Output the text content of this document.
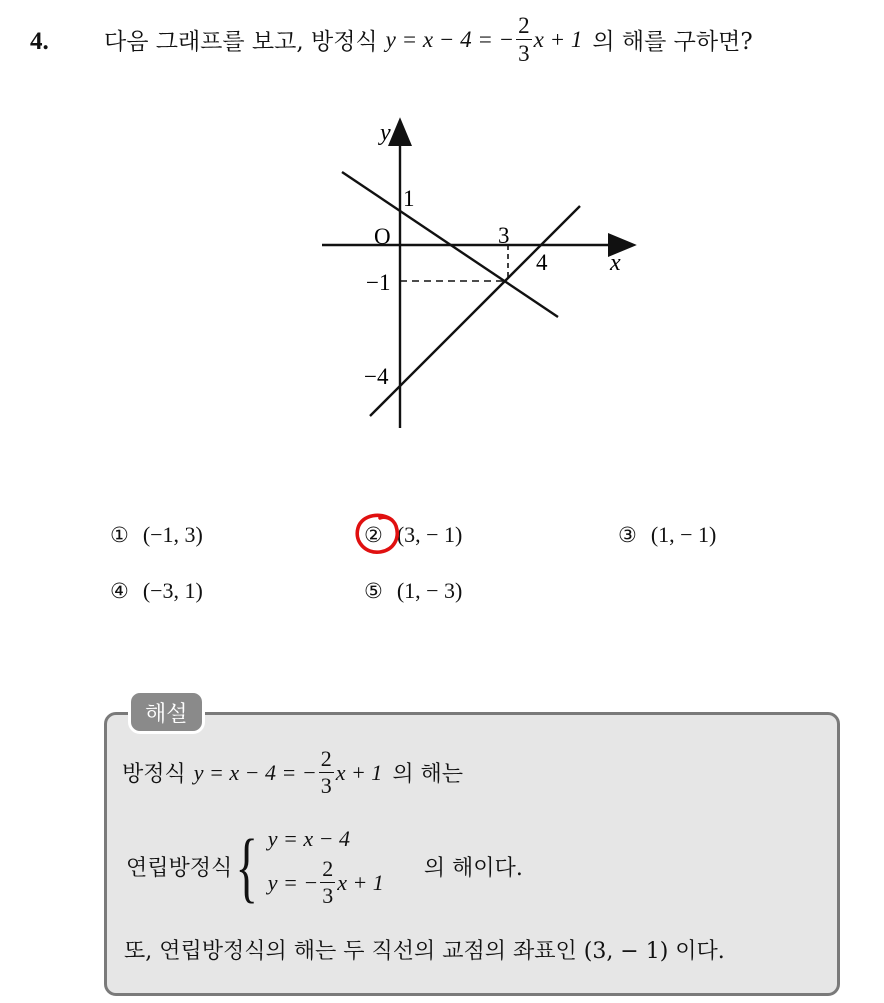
4. 다음 그래프를 보고, 방정식 y = x − 4 = − $\frac{2}{3}$ x + 1 의 해를 구하면?
y
x
O
1
3
4
−1
−4
① (−1, 3)	② (3, − 1)	③ (1, − 1)
④ (−3, 1)	⑤ (1, − 3)
해설
방정식 y = x − 4 = − $\frac{2}{3}$ x + 1 의 해는
연립방정식 { y = x − 4
y = − $\frac{2}{3}$ x + 1
의 해이다.
또, 연립방정식의 해는 두 직선의 교점의 좌표인 (3, − 1) 이다.
